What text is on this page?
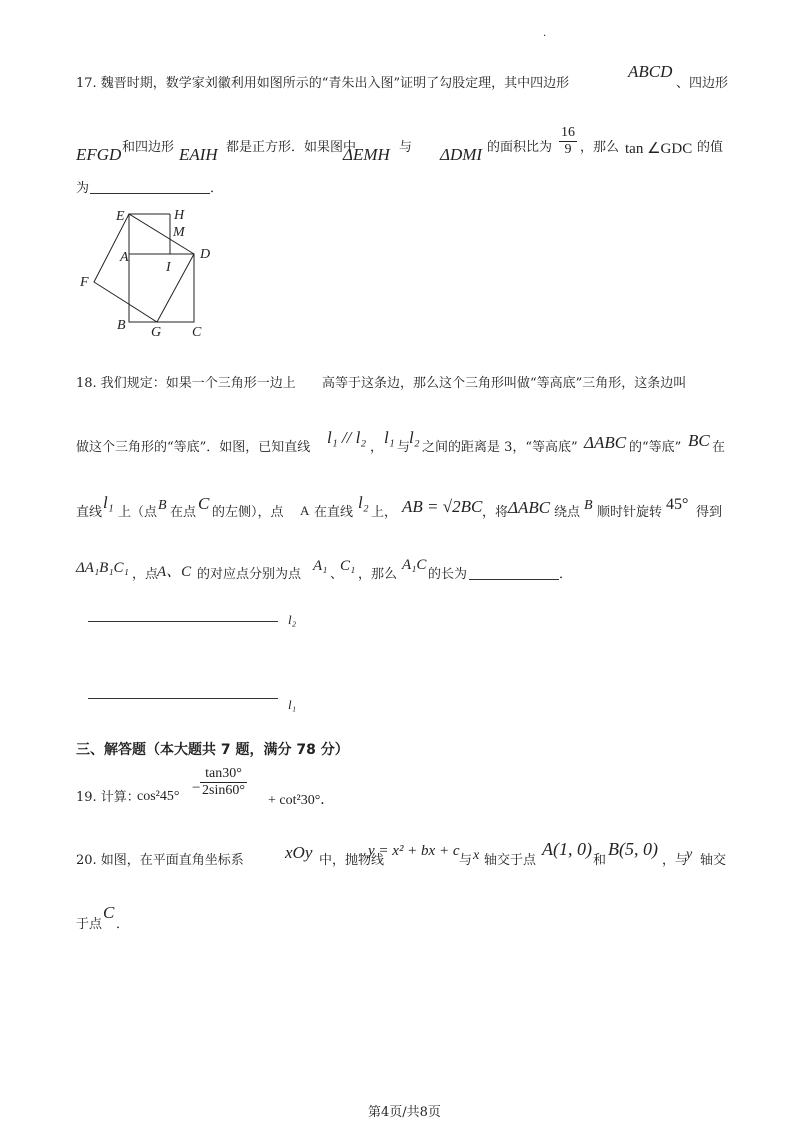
·
17. 魏晋时期，数学家刘徽利用如图所示的“青朱出入图”证明了勾股定理，其中四边形
ABCD
、四边形
EFGD 和四边形 EAIH 都是正方形．如果图中
ΔEMH 与 ΔDMI 的面积比为 $\frac{16}{9}$ ，那么 tan ∠GDC 的值
为	．
E	H
M
A
I
D
F
B G C
18. 我们规定：如果一个三角形一边上 高等于这条边，那么这个三角形叫做“等高底”三角形，这条边叫
做这个三角形的“等底”．如图，已知直线
l₁ // l₂
，
l₁
与
l₂
之间的距离是 3，“等高底” ΔABC 的“等底” BC 在
直线
l₁
上（点 B 在点 C 的左侧），点 A 在直线
l₂
上， AB = √2BC ，将 ΔABC 绕点 B 顺时针旋转 45° 得到
ΔA₁B₁C₁ ，点
A、C 的对应点分别为点
A₁
、
C₁
，那么
A₁C
的长为	．
l₂
l₁
三、解答题（本大题共 7 题，满分 78 分）
19. 计算：
cos²45°
− $\frac{\tan 30^\circ}{2\sin 60^\circ}$
+ cot²30°．
20. 如图，在平面直角坐标系 xOy 中，抛物线
y = x² + bx + c
与 x 轴交于点
A(1, 0)
和
B(5, 0)
，与
y 轴交
于点
C
．
第4页/共8页
